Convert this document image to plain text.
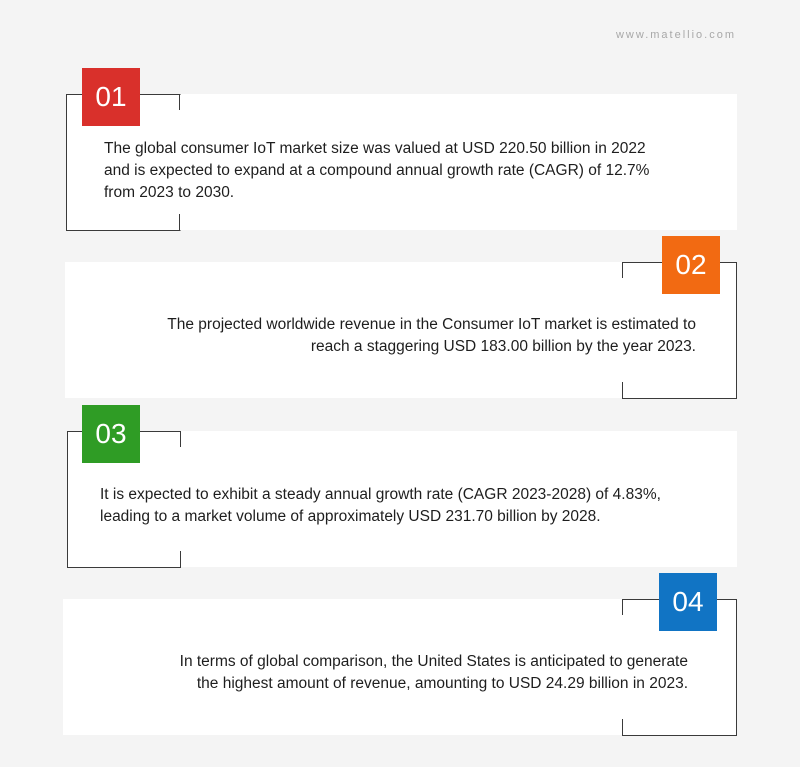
www.matellio.com
01
The global consumer IoT market size was valued at USD 220.50 billion in 2022
and is expected to expand at a compound annual growth rate (CAGR) of 12.7%
from 2023 to 2030.
02
The projected worldwide revenue in the Consumer IoT market is estimated to
reach a staggering USD 183.00 billion by the year 2023.
03
It is expected to exhibit a steady annual growth rate (CAGR 2023-2028) of 4.83%,
leading to a market volume of approximately USD 231.70 billion by 2028.
04
In terms of global comparison, the United States is anticipated to generate
the highest amount of revenue, amounting to USD 24.29 billion in 2023.
